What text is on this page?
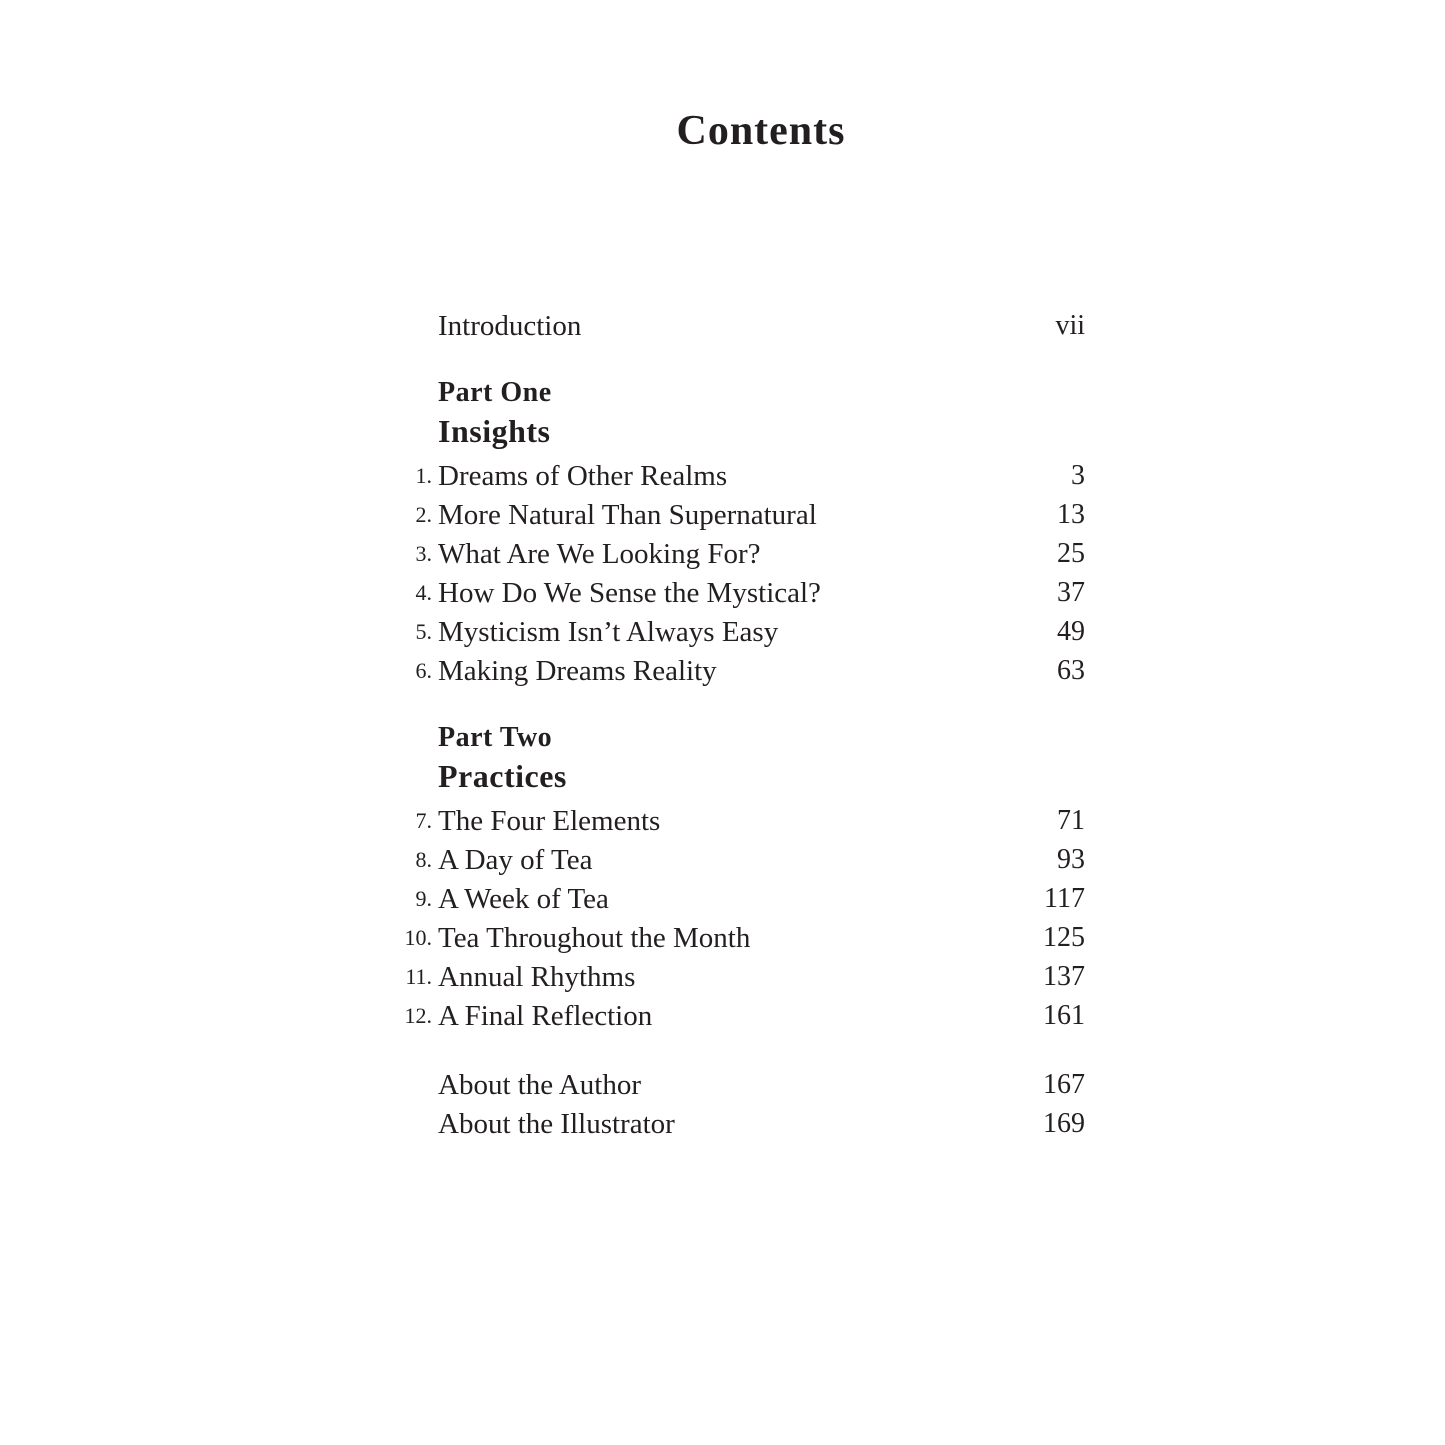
Contents
Introduction	vii
Part One
Insights
1. Dreams of Other Realms	3
2. More Natural Than Supernatural	13
3. What Are We Looking For?	25
4. How Do We Sense the Mystical?	37
5. Mysticism Isn’t Always Easy	49
6. Making Dreams Reality	63
Part Two
Practices
7. The Four Elements	71
8. A Day of Tea	93
9. A Week of Tea	117
10. Tea Throughout the Month	125
11. Annual Rhythms	137
12. A Final Reflection	161
About the Author	167
About the Illustrator	169
